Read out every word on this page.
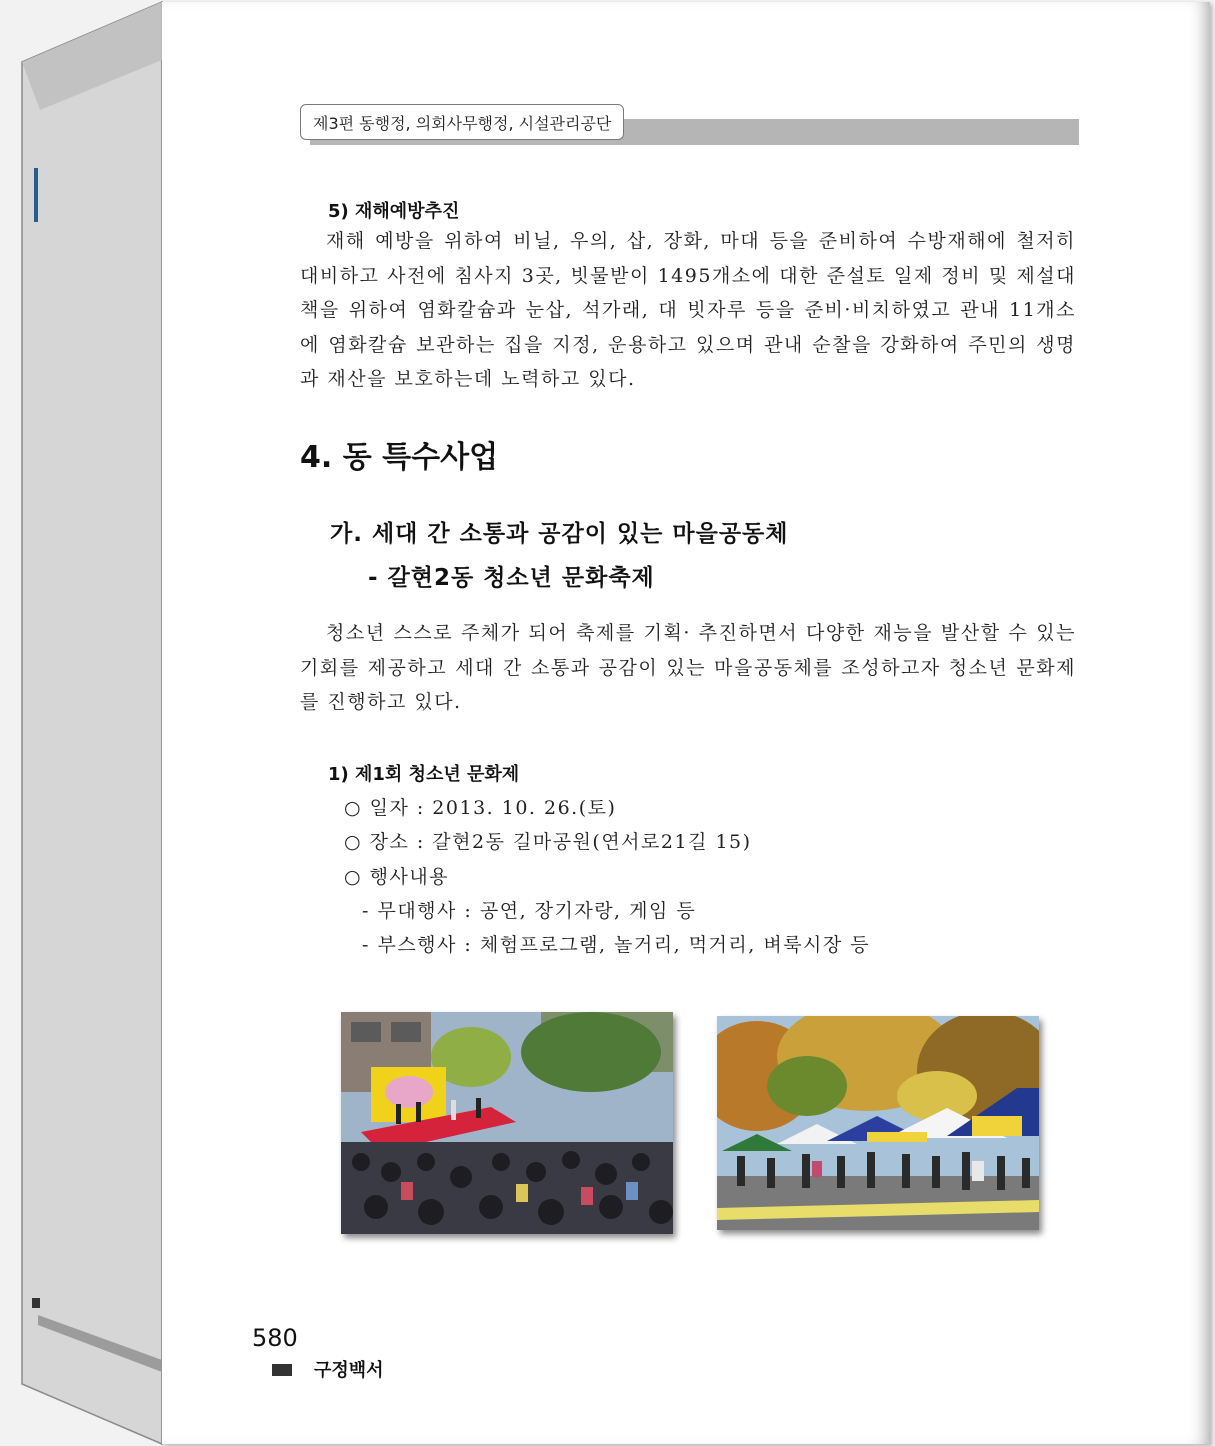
제3편 동행정, 의회사무행정, 시설관리공단
5) 재해예방추진
재해 예방을 위하여 비닐, 우의, 삽, 장화, 마대 등을 준비하여 수방재해에 철저히 대비하고 사전에 침사지 3곳, 빗물받이 1495개소에 대한 준설토 일제 정비 및 제설대책을 위하여 염화칼슘과 눈삽, 석가래, 대 빗자루 등을 준비·비치하였고 관내 11개소에 염화칼슘 보관하는 집을 지정, 운용하고 있으며 관내 순찰을 강화하여 주민의 생명과 재산을 보호하는데 노력하고 있다.
4. 동 특수사업
가. 세대 간 소통과 공감이 있는 마을공동체
- 갈현2동 청소년 문화축제
청소년 스스로 주체가 되어 축제를 기획· 추진하면서 다양한 재능을 발산할 수 있는 기회를 제공하고 세대 간 소통과 공감이 있는 마을공동체를 조성하고자 청소년 문화제를 진행하고 있다.
1) 제1회 청소년 문화제
○ 일자 : 2013. 10. 26.(토)
○ 장소 : 갈현2동 길마공원(연서로21길 15)
○ 행사내용
- 무대행사 : 공연, 장기자랑, 게임 등
- 부스행사 : 체험프로그램, 놀거리, 먹거리, 벼룩시장 등
580
구정백서
